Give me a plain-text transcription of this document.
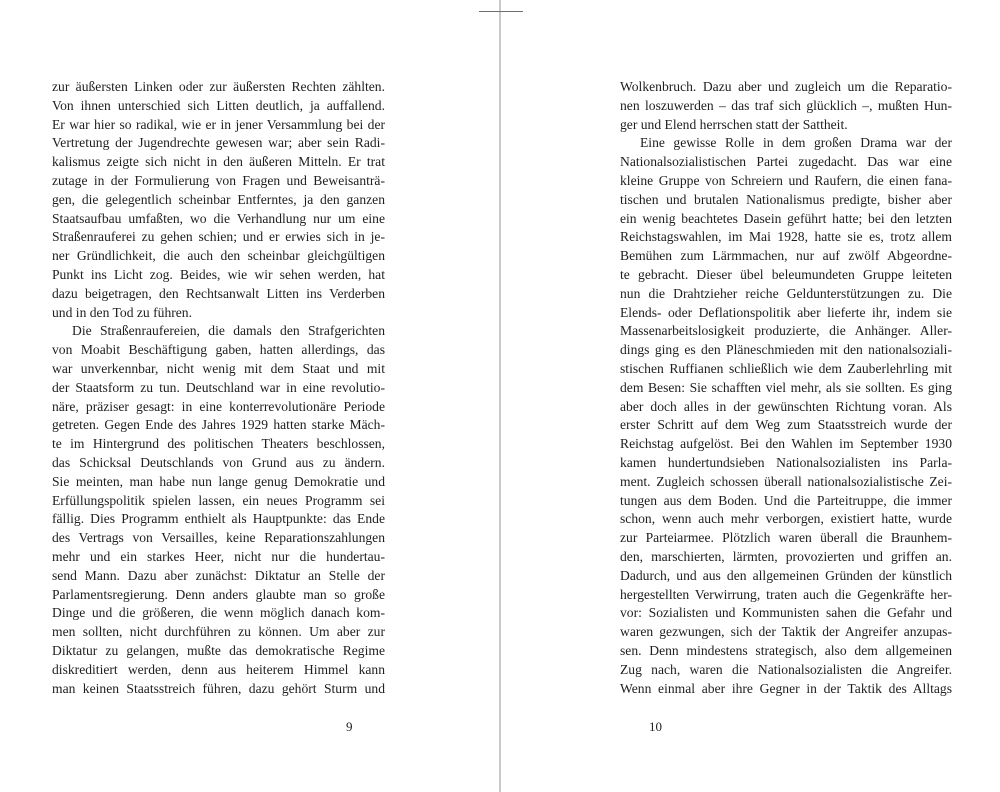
zur äußersten Linken oder zur äußersten Rechten zählten.
Von ihnen unterschied sich Litten deutlich, ja auffallend.
Er war hier so radikal, wie er in jener Versammlung bei der
Vertretung der Jugendrechte gewesen war; aber sein Radi-
kalismus zeigte sich nicht in den äußeren Mitteln. Er trat
zutage in der Formulierung von Fragen und Beweisanträ-
gen, die gelegentlich scheinbar Entferntes, ja den ganzen
Staatsaufbau umfaßten, wo die Verhandlung nur um eine
Straßenrauferei zu gehen schien; und er erwies sich in je-
ner Gründlichkeit, die auch den scheinbar gleichgültigen
Punkt ins Licht zog. Beides, wie wir sehen werden, hat
dazu beigetragen, den Rechtsanwalt Litten ins Verderben
und in den Tod zu führen.
Die Straßenraufereien, die damals den Strafgerichten
von Moabit Beschäftigung gaben, hatten allerdings, das
war unverkennbar, nicht wenig mit dem Staat und mit
der Staatsform zu tun. Deutschland war in eine revolutio-
näre, präziser gesagt: in eine konterrevolutionäre Periode
getreten. Gegen Ende des Jahres 1929 hatten starke Mäch-
te im Hintergrund des politischen Theaters beschlossen,
das Schicksal Deutschlands von Grund aus zu ändern.
Sie meinten, man habe nun lange genug Demokratie und
Erfüllungspolitik spielen lassen, ein neues Programm sei
fällig. Dies Programm enthielt als Hauptpunkte: das Ende
des Vertrags von Versailles, keine Reparationszahlungen
mehr und ein starkes Heer, nicht nur die hundertau-
send Mann. Dazu aber zunächst: Diktatur an Stelle der
Parlamentsregierung. Denn anders glaubte man so große
Dinge und die größeren, die wenn möglich danach kom-
men sollten, nicht durchführen zu können. Um aber zur
Diktatur zu gelangen, mußte das demokratische Regime
diskreditiert werden, denn aus heiterem Himmel kann
man keinen Staatsstreich führen, dazu gehört Sturm und
9
Wolkenbruch. Dazu aber und zugleich um die Reparatio-
nen loszuwerden – das traf sich glücklich –, mußten Hun-
ger und Elend herrschen statt der Sattheit.
Eine gewisse Rolle in dem großen Drama war der
Nationalsozialistischen Partei zugedacht. Das war eine
kleine Gruppe von Schreiern und Raufern, die einen fana-
tischen und brutalen Nationalismus predigte, bisher aber
ein wenig beachtetes Dasein geführt hatte; bei den letzten
Reichstagswahlen, im Mai 1928, hatte sie es, trotz allem
Bemühen zum Lärmmachen, nur auf zwölf Abgeordne-
te gebracht. Dieser übel beleumundeten Gruppe leiteten
nun die Drahtzieher reiche Geldunterstützungen zu. Die
Elends- oder Deflationspolitik aber lieferte ihr, indem sie
Massenarbeitslosigkeit produzierte, die Anhänger. Aller-
dings ging es den Pläneschmieden mit den nationalsoziali-
stischen Ruffianen schließlich wie dem Zauberlehrling mit
dem Besen: Sie schafften viel mehr, als sie sollten. Es ging
aber doch alles in der gewünschten Richtung voran. Als
erster Schritt auf dem Weg zum Staatsstreich wurde der
Reichstag aufgelöst. Bei den Wahlen im September 1930
kamen hundertundsieben Nationalsozialisten ins Parla-
ment. Zugleich schossen überall nationalsozialistische Zei-
tungen aus dem Boden. Und die Parteitruppe, die immer
schon, wenn auch mehr verborgen, existiert hatte, wurde
zur Parteiarmee. Plötzlich waren überall die Braunhem-
den, marschierten, lärmten, provozierten und griffen an.
Dadurch, und aus den allgemeinen Gründen der künstlich
hergestellten Verwirrung, traten auch die Gegenkräfte her-
vor: Sozialisten und Kommunisten sahen die Gefahr und
waren gezwungen, sich der Taktik der Angreifer anzupas-
sen. Denn mindestens strategisch, also dem allgemeinen
Zug nach, waren die Nationalsozialisten die Angreifer.
Wenn einmal aber ihre Gegner in der Taktik des Alltags
10
